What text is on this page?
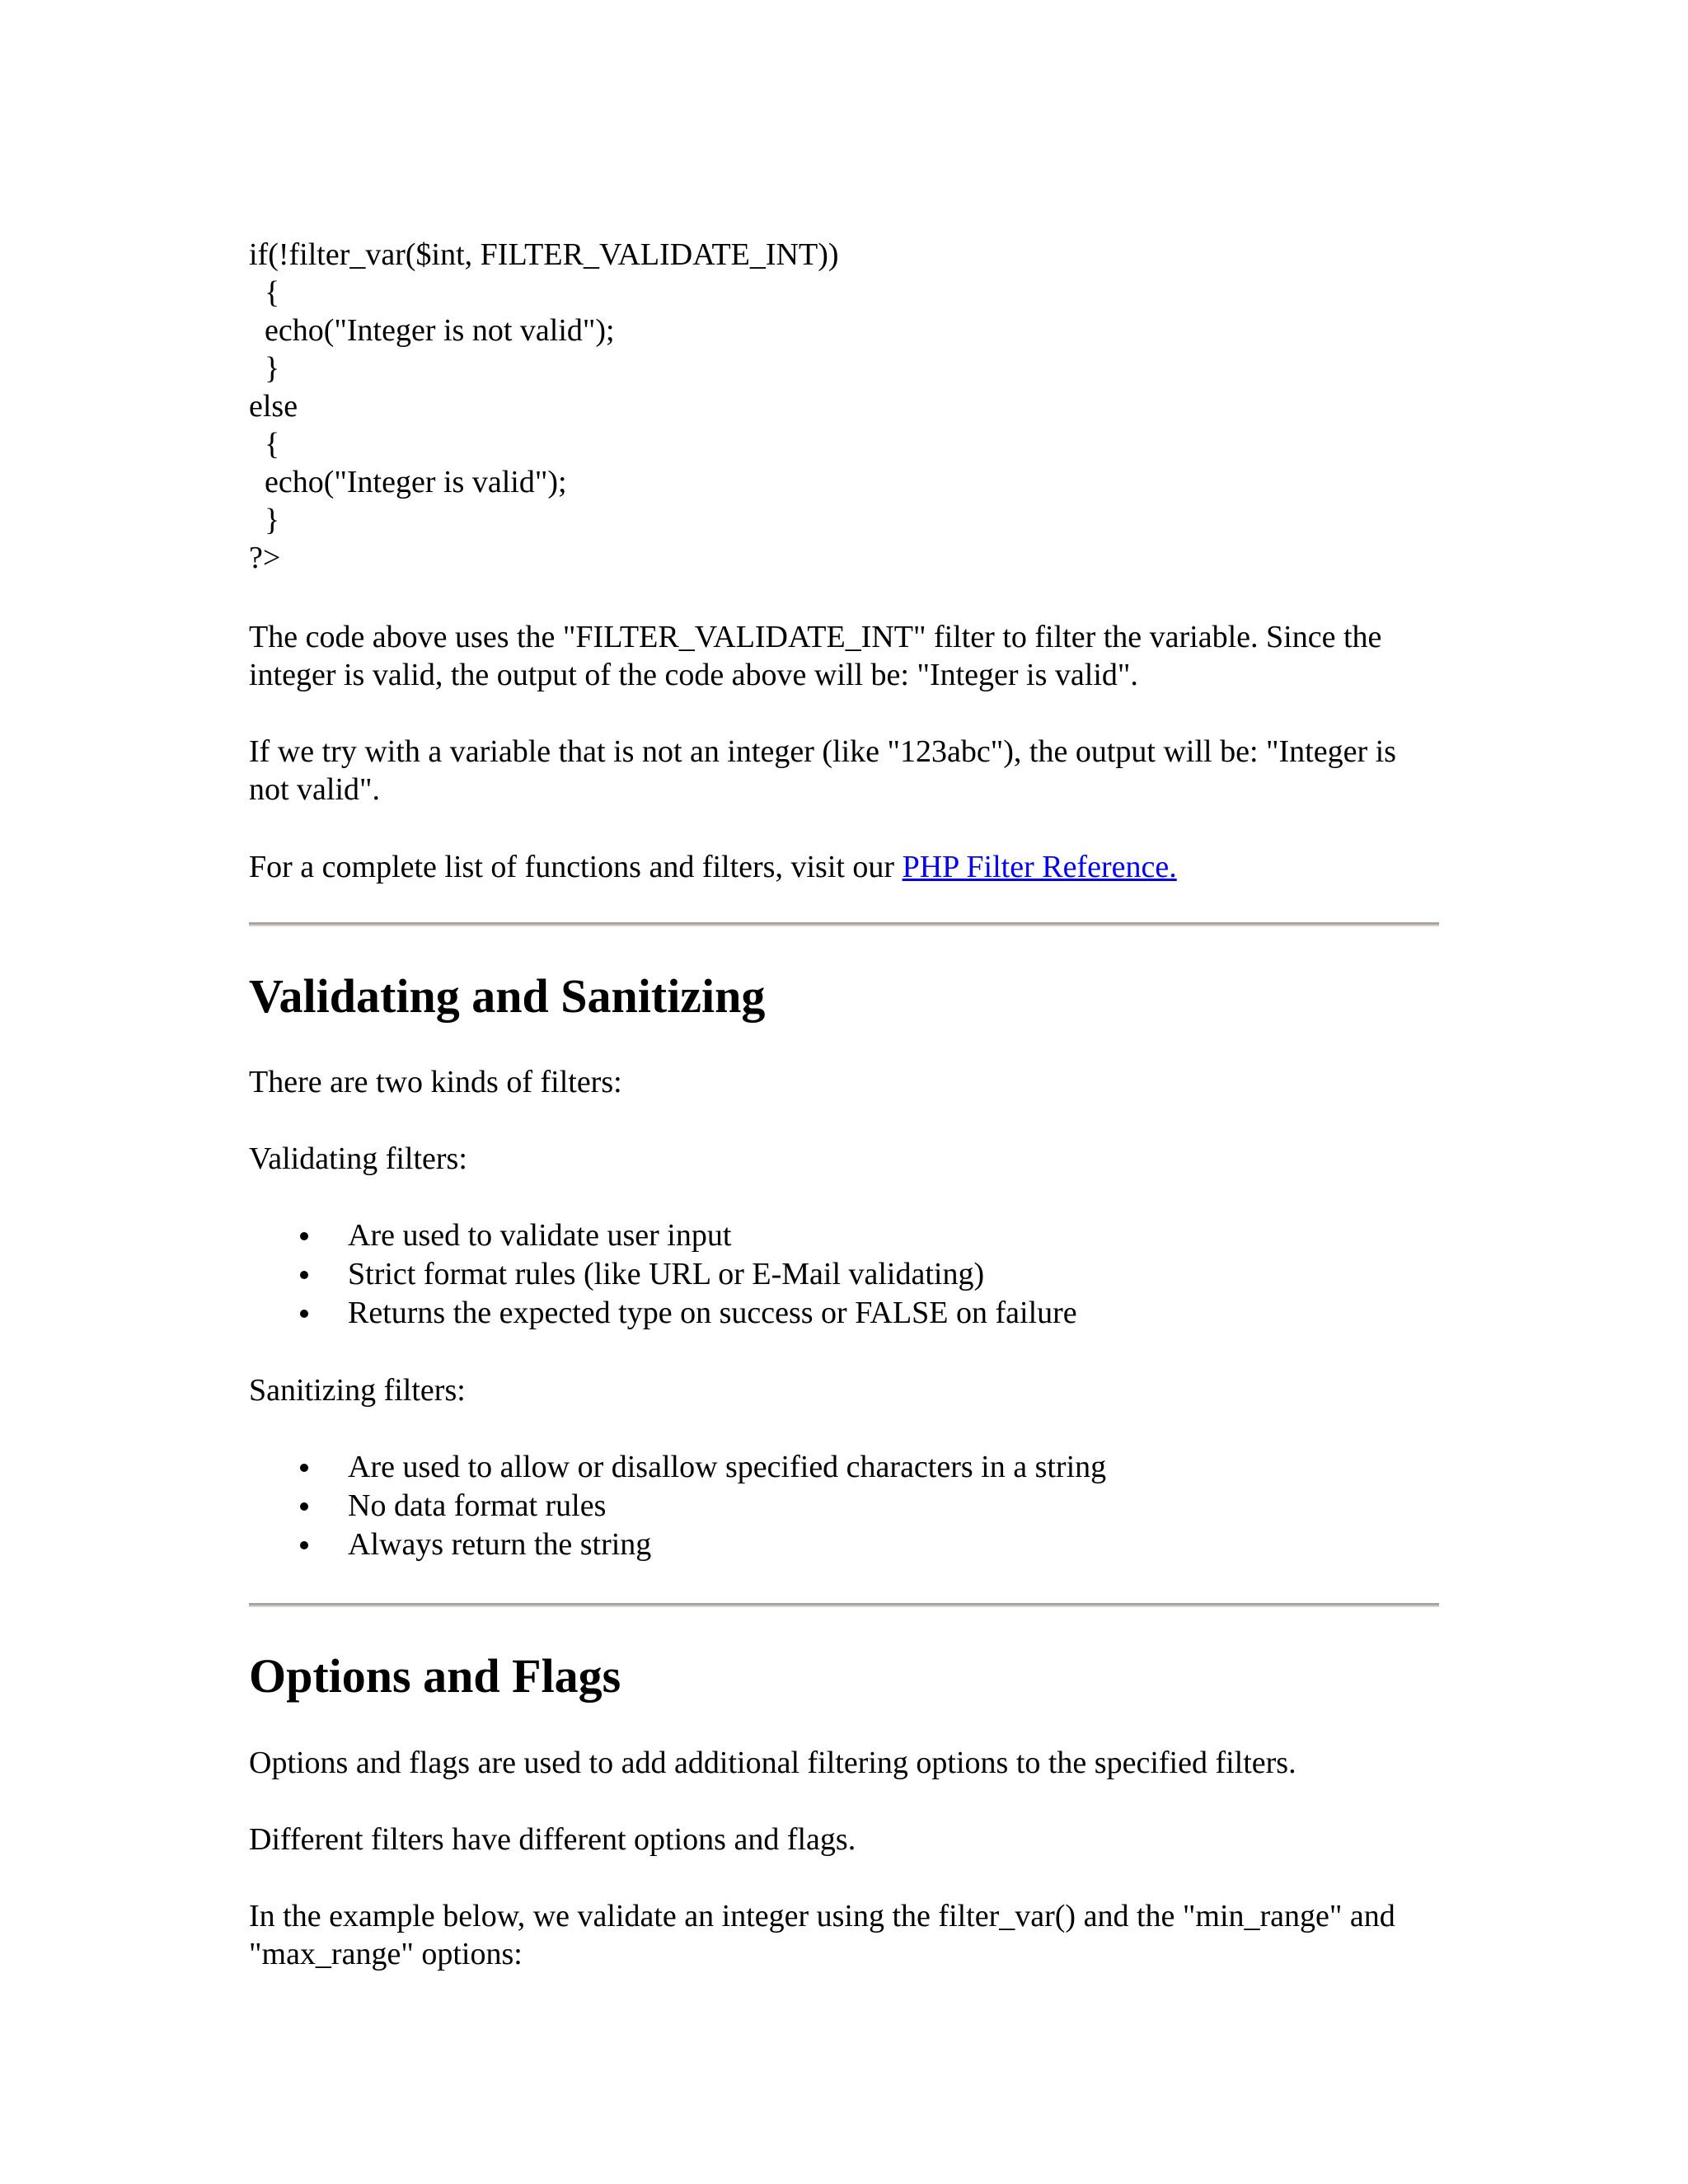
if(!filter_var($int, FILTER_VALIDATE_INT))
{
echo("Integer is not valid");
}
else
{
echo("Integer is valid");
}
?>

The code above uses the "FILTER_VALIDATE_INT" filter to filter the variable. Since the integer is valid, the output of the code above will be: "Integer is valid".

If we try with a variable that is not an integer (like "123abc"), the output will be: "Integer is not valid".

For a complete list of functions and filters, visit our PHP Filter Reference.

Validating and Sanitizing

There are two kinds of filters:

Validating filters:

Are used to validate user input
Strict format rules (like URL or E-Mail validating)
Returns the expected type on success or FALSE on failure

Sanitizing filters:

Are used to allow or disallow specified characters in a string
No data format rules
Always return the string
Options and Flags

Options and flags are used to add additional filtering options to the specified filters.

Different filters have different options and flags.

In the example below, we validate an integer using the filter_var() and the "min_range" and "max_range" options:
